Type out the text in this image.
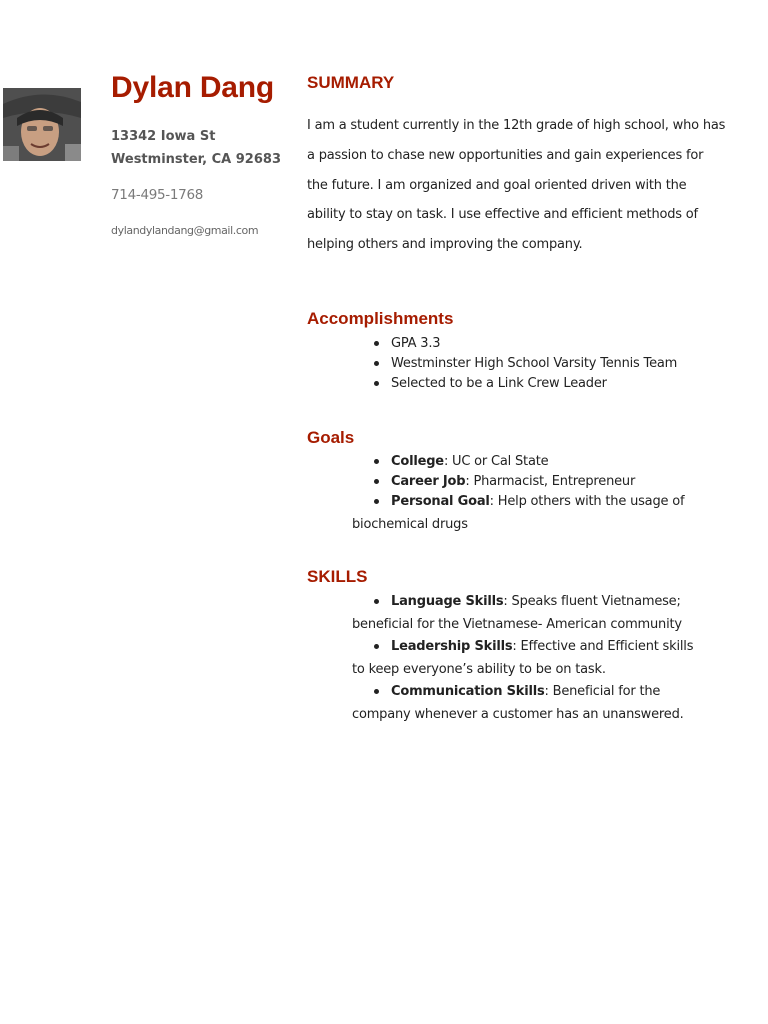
Dylan Dang

13342 Iowa St

Westminster, CA 92683

714-495-1768

dylandylandang@gmail.com

SUMMARY

I am a student currently in the 12th grade of high school, who has a passion to chase new opportunities and gain experiences for the future. I am organized and goal oriented driven with the ability to stay on task. I use effective and efficient methods of helping others and improving the company.

Accomplishments
GPA 3.3
Westminster High School Varsity Tennis Team
Selected to be a Link Crew Leader
Goals
College: UC or Cal State
Career Job: Pharmacist, Entrepreneur
Personal Goal: Help others with the usage of
biochemical drugs
SKILLS
Language Skills: Speaks fluent Vietnamese;
beneficial for the Vietnamese- American community
Leadership Skills: Effective and Efficient skills
to keep everyone’s ability to be on task.
Communication Skills: Beneficial for the
company whenever a customer has an unanswered.
